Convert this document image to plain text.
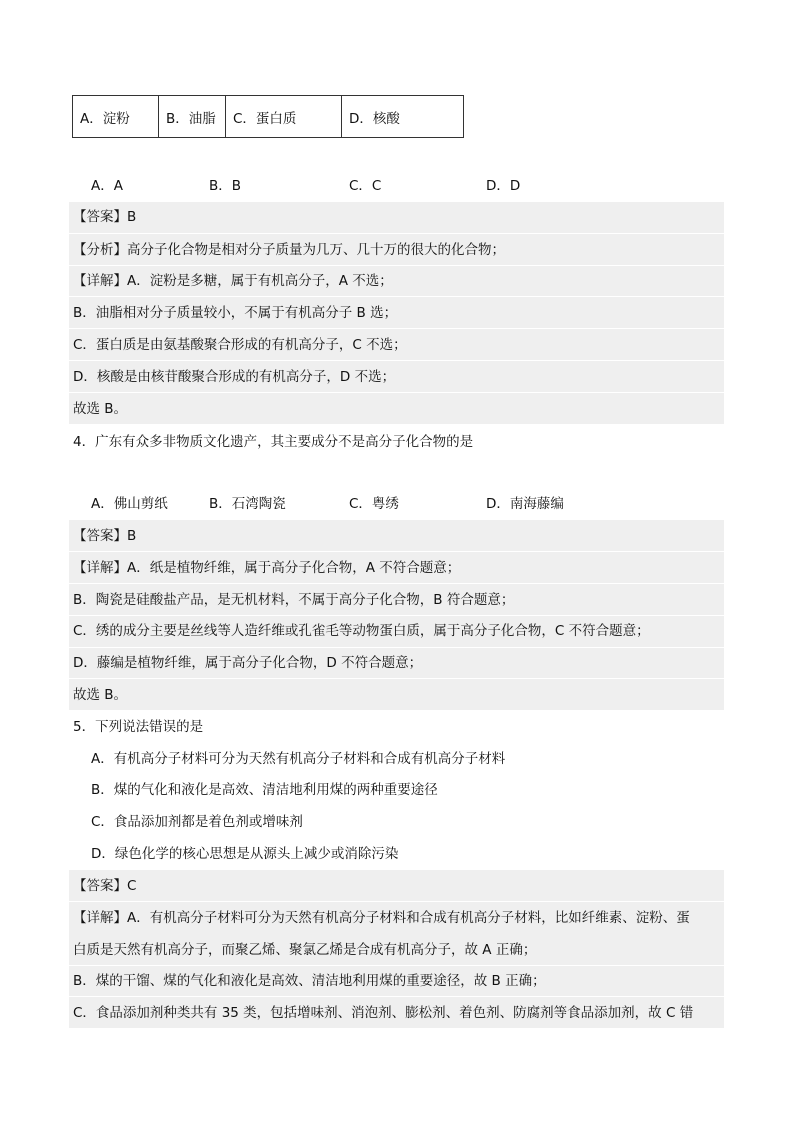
A．淀粉	B．油脂	C．蛋白质	D．核酸
A．A	B．B	C．C	D．D
【答案】B
【分析】高分子化合物是相对分子质量为几万、几十万的很大的化合物；
【详解】A．淀粉是多糖，属于有机高分子，A 不选；
B．油脂相对分子质量较小，不属于有机高分子 B 选；
C．蛋白质是由氨基酸聚合形成的有机高分子，C 不选；
D．核酸是由核苷酸聚合形成的有机高分子，D 不选；
故选 B。
4．广东有众多非物质文化遗产，其主要成分不是高分子化合物的是
A．佛山剪纸	B．石湾陶瓷	C．粤绣	D．南海藤编
【答案】B
【详解】A．纸是植物纤维，属于高分子化合物，A 不符合题意；
B．陶瓷是硅酸盐产品，是无机材料，不属于高分子化合物，B 符合题意；
C．绣的成分主要是丝线等人造纤维或孔雀毛等动物蛋白质，属于高分子化合物，C 不符合题意；
D．藤编是植物纤维，属于高分子化合物，D 不符合题意；
故选 B。
5．下列说法错误的是
A．有机高分子材料可分为天然有机高分子材料和合成有机高分子材料
B．煤的气化和液化是高效、清洁地利用煤的两种重要途径
C．食品添加剂都是着色剂或增味剂
D．绿色化学的核心思想是从源头上减少或消除污染
【答案】C
【详解】A．有机高分子材料可分为天然有机高分子材料和合成有机高分子材料，比如纤维素、淀粉、蛋
白质是天然有机高分子，而聚乙烯、聚氯乙烯是合成有机高分子，故 A 正确；
B．煤的干馏、煤的气化和液化是高效、清洁地利用煤的重要途径，故 B 正确；
C．食品添加剂种类共有 35 类，包括增味剂、消泡剂、膨松剂、着色剂、防腐剂等食品添加剂，故 C 错
